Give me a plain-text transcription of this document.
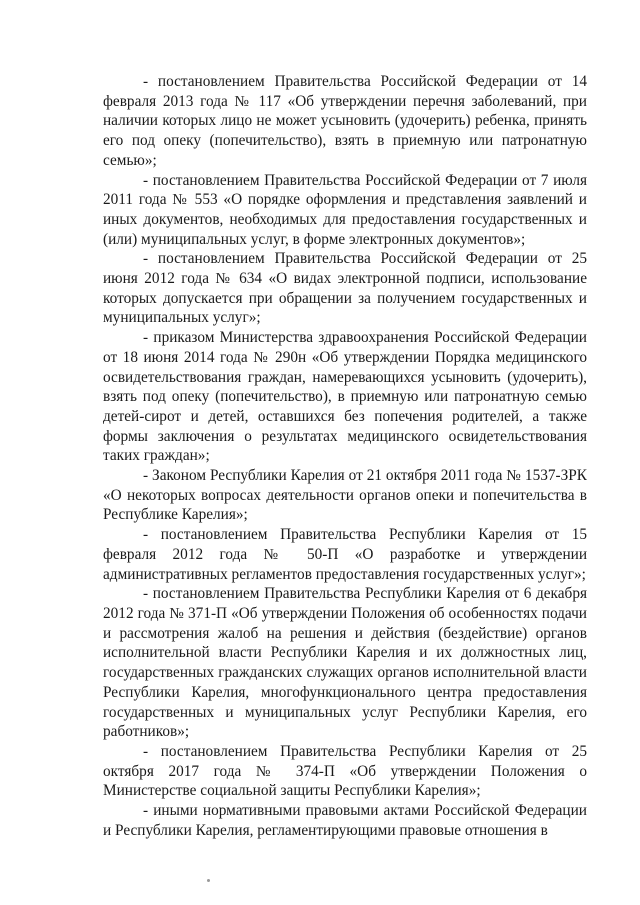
- постановлением Правительства Российской Федерации от 14 февраля 2013 года № 117 «Об утверждении перечня заболеваний, при наличии которых лицо не может усыновить (удочерить) ребенка, принять его под опеку (попечительство), взять в приемную или патронатную семью»;

- постановлением Правительства Российской Федерации от 7 июля 2011 года № 553 «О порядке оформления и представления заявлений и иных документов, необходимых для предоставления государственных и (или) муниципальных услуг, в форме электронных документов»;

- постановлением Правительства Российской Федерации от 25 июня 2012 года № 634 «О видах электронной подписи, использование которых допускается при обращении за получением государственных и муниципальных услуг»;

- приказом Министерства здравоохранения Российской Федерации от 18 июня 2014 года № 290н «Об утверждении Порядка медицинского освидетельствования граждан, намеревающихся усыновить (удочерить), взять под опеку (попечительство), в приемную или патронатную семью детей-сирот и детей, оставшихся без попечения родителей, а также формы заключения о результатах медицинского освидетельствования таких граждан»;

- Законом Республики Карелия от 21 октября 2011 года № 1537-ЗРК «О некоторых вопросах деятельности органов опеки и попечительства в Республике Карелия»;

- постановлением Правительства Республики Карелия от 15 февраля 2012 года № 50-П «О разработке и утверждении административных регламентов предоставления государственных услуг»;

- постановлением Правительства Республики Карелия от 6 декабря 2012 года № 371-П «Об утверждении Положения об особенностях подачи и рассмотрения жалоб на решения и действия (бездействие) органов исполнительной власти Республики Карелия и их должностных лиц, государственных гражданских служащих органов исполнительной власти Республики Карелия, многофункционального центра предоставления государственных и муниципальных услуг Республики Карелия, его работников»;

- постановлением Правительства Республики Карелия от 25 октября 2017 года № 374-П «Об утверждении Положения о Министерстве социальной защиты Республики Карелия»;

- иными нормативными правовыми актами Российской Федерации и Республики Карелия, регламентирующими правовые отношения в
